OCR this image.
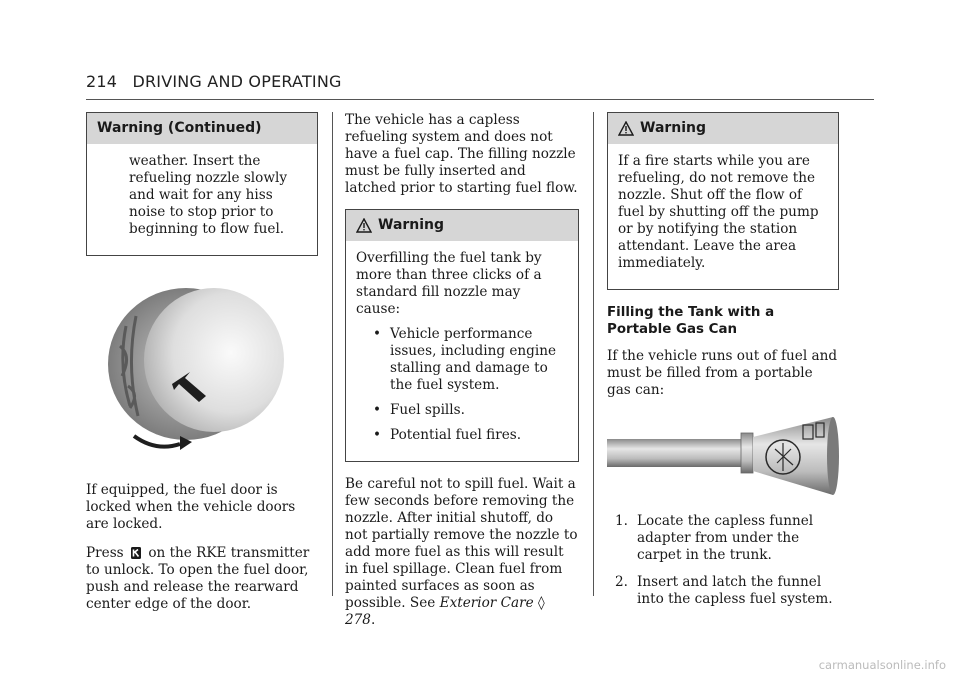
214 DRIVING AND OPERATING
Warning (Continued)

weather. Insert the refueling nozzle slowly and wait for any hiss noise to stop prior to beginning to flow fuel.

If equipped, the fuel door is locked when the vehicle doors are locked.

Press on the RKE transmitter to unlock. To open the fuel door, push and release the rearward center edge of the door.

The vehicle has a capless refueling system and does not have a fuel cap. The filling nozzle must be fully inserted and latched prior to starting fuel flow.

Warning

Overfilling the fuel tank by more than three clicks of a standard fill nozzle may cause:

• Vehicle performance issues, including engine stalling and damage to the fuel system.
• Fuel spills.
• Potential fuel fires.

Be careful not to spill fuel. Wait a few seconds before removing the nozzle. After initial shutoff, do not partially remove the nozzle to add more fuel as this will result in fuel spillage. Clean fuel from painted surfaces as soon as possible. See Exterior Care ◊ 278.

Warning

If a fire starts while you are refueling, do not remove the nozzle. Shut off the flow of fuel by shutting off the pump or by notifying the station attendant. Leave the area immediately.

Filling the Tank with a Portable Gas Can

If the vehicle runs out of fuel and must be filled from a portable gas can:

1. Locate the capless funnel adapter from under the carpet in the trunk.
2. Insert and latch the funnel into the capless fuel system.
carmanualsonline.info
